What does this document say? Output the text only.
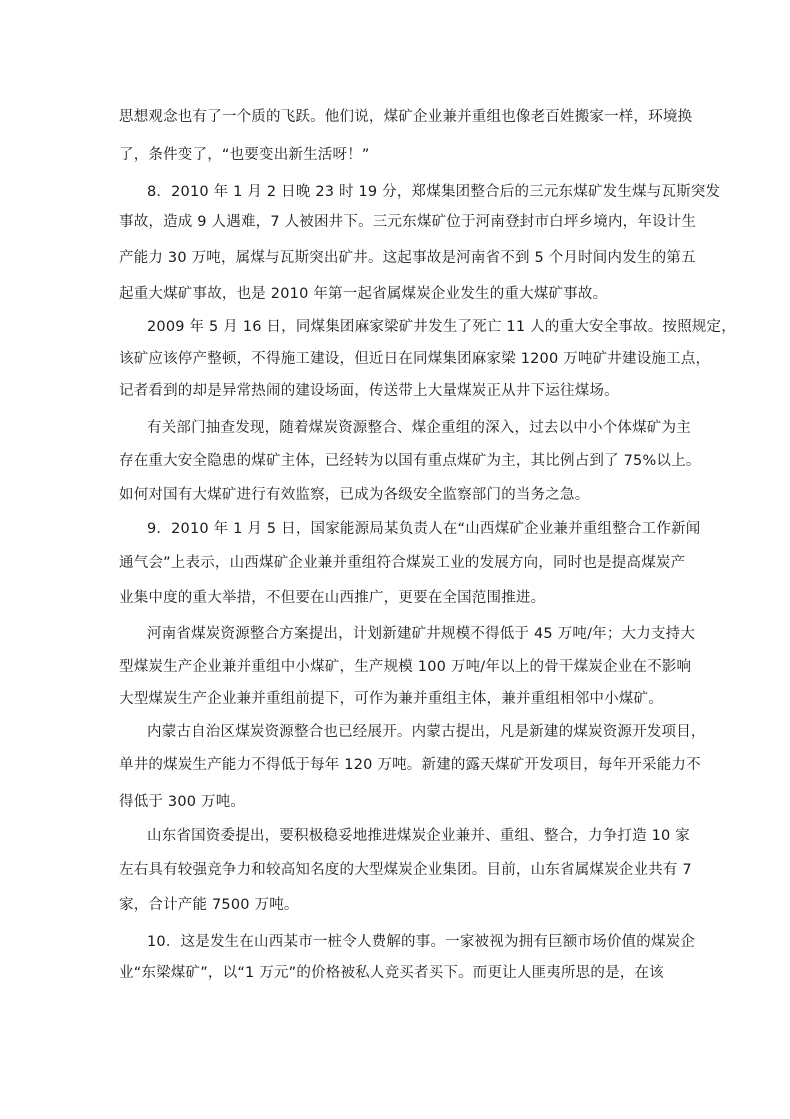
思想观念也有了一个质的飞跃。他们说，煤矿企业兼并重组也像老百姓搬家一样，环境换
了，条件变了，“也要变出新生活呀！”
8．2010 年 1 月 2 日晚 23 时 19 分，郑煤集团整合后的三元东煤矿发生煤与瓦斯突发
事故，造成 9 人遇难，7 人被困井下。三元东煤矿位于河南登封市白坪乡境内，年设计生
产能力 30 万吨，属煤与瓦斯突出矿井。这起事故是河南省不到 5 个月时间内发生的第五
起重大煤矿事故，也是 2010 年第一起省属煤炭企业发生的重大煤矿事故。
2009 年 5 月 16 日，同煤集团麻家梁矿井发生了死亡 11 人的重大安全事故。按照规定，
该矿应该停产整顿，不得施工建设，但近日在同煤集团麻家梁 1200 万吨矿井建设施工点，
记者看到的却是异常热闹的建设场面，传送带上大量煤炭正从井下运往煤场。
有关部门抽查发现，随着煤炭资源整合、煤企重组的深入，过去以中小个体煤矿为主
存在重大安全隐患的煤矿主体，已经转为以国有重点煤矿为主，其比例占到了 75%以上。
如何对国有大煤矿进行有效监察，已成为各级安全监察部门的当务之急。
9．2010 年 1 月 5 日，国家能源局某负责人在“山西煤矿企业兼并重组整合工作新闻
通气会”上表示，山西煤矿企业兼并重组符合煤炭工业的发展方向，同时也是提高煤炭产
业集中度的重大举措，不但要在山西推广，更要在全国范围推进。
河南省煤炭资源整合方案提出，计划新建矿井规模不得低于 45 万吨/年；大力支持大
型煤炭生产企业兼并重组中小煤矿，生产规模 100 万吨/年以上的骨干煤炭企业在不影响
大型煤炭生产企业兼并重组前提下，可作为兼并重组主体，兼并重组相邻中小煤矿。
内蒙古自治区煤炭资源整合也已经展开。内蒙古提出，凡是新建的煤炭资源开发项目，
单井的煤炭生产能力不得低于每年 120 万吨。新建的露天煤矿开发项目，每年开采能力不
得低于 300 万吨。
山东省国资委提出，要积极稳妥地推进煤炭企业兼并、重组、整合，力争打造 10 家
左右具有较强竞争力和较高知名度的大型煤炭企业集团。目前，山东省属煤炭企业共有 7
家，合计产能 7500 万吨。
10．这是发生在山西某市一桩令人费解的事。一家被视为拥有巨额市场价值的煤炭企
业“东梁煤矿”，以“1 万元”的价格被私人竞买者买下。而更让人匪夷所思的是，在该
